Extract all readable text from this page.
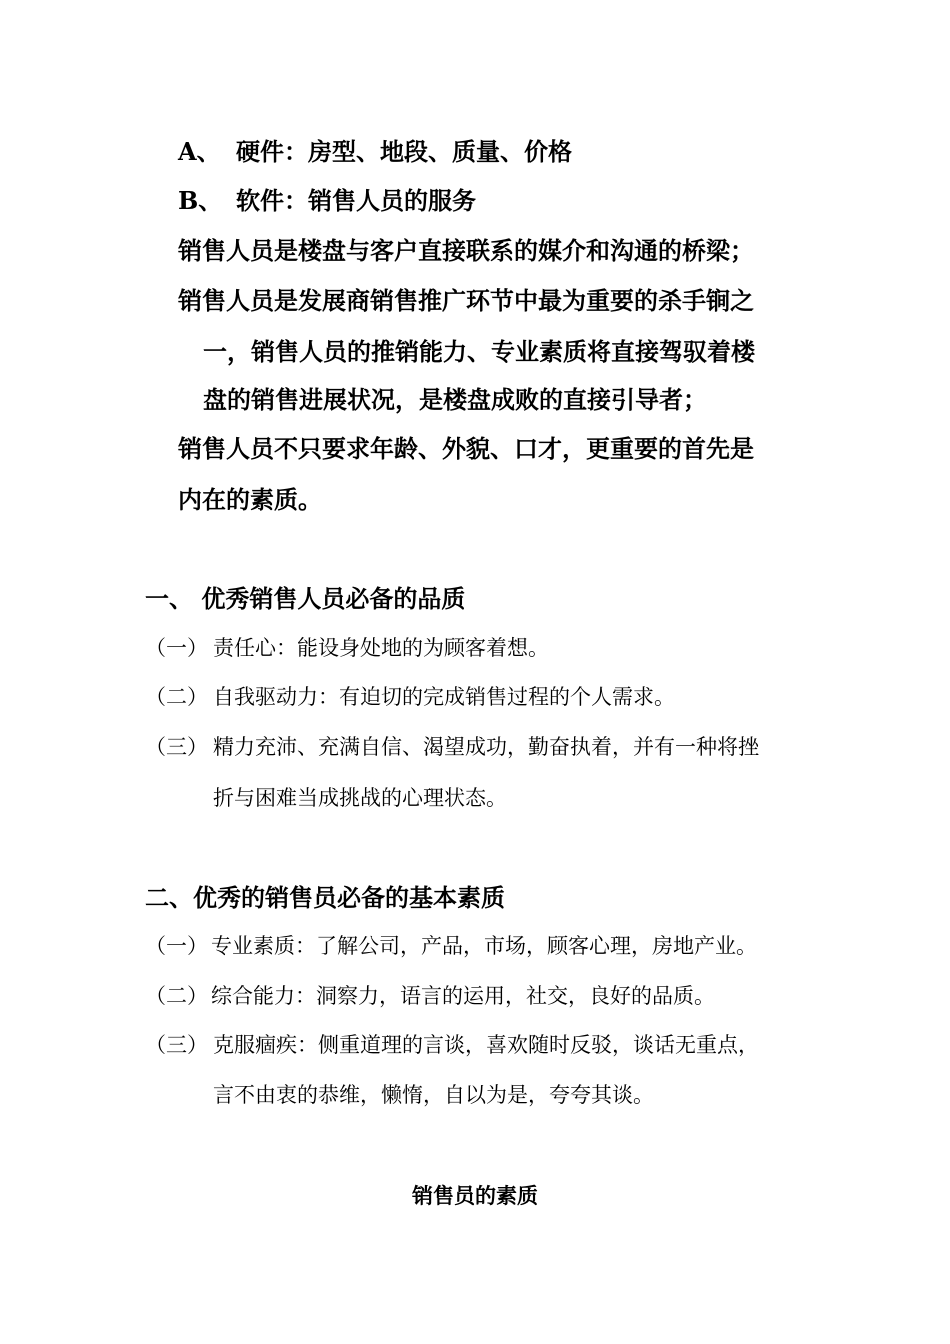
A、 硬件：房型、地段、质量、价格
B、 软件：销售人员的服务
销售人员是楼盘与客户直接联系的媒介和沟通的桥梁；
销售人员是发展商销售推广环节中最为重要的杀手锏之
一，销售人员的推销能力、专业素质将直接驾驭着楼
盘的销售进展状况，是楼盘成败的直接引导者；
销售人员不只要求年龄、外貌、口才，更重要的首先是
内在的素质。
一、 优秀销售人员必备的品质
（一） 责任心：能设身处地的为顾客着想。
（二） 自我驱动力：有迫切的完成销售过程的个人需求。
（三） 精力充沛、充满自信、渴望成功，勤奋执着，并有一种将挫
折与困难当成挑战的心理状态。
二、优秀的销售员必备的基本素质
（一） 专业素质：了解公司，产品，市场，顾客心理，房地产业。
（二） 综合能力：洞察力，语言的运用，社交，良好的品质。
（三） 克服痼疾：侧重道理的言谈，喜欢随时反驳，谈话无重点，
言不由衷的恭维，懒惰，自以为是，夸夸其谈。
销售员的素质
